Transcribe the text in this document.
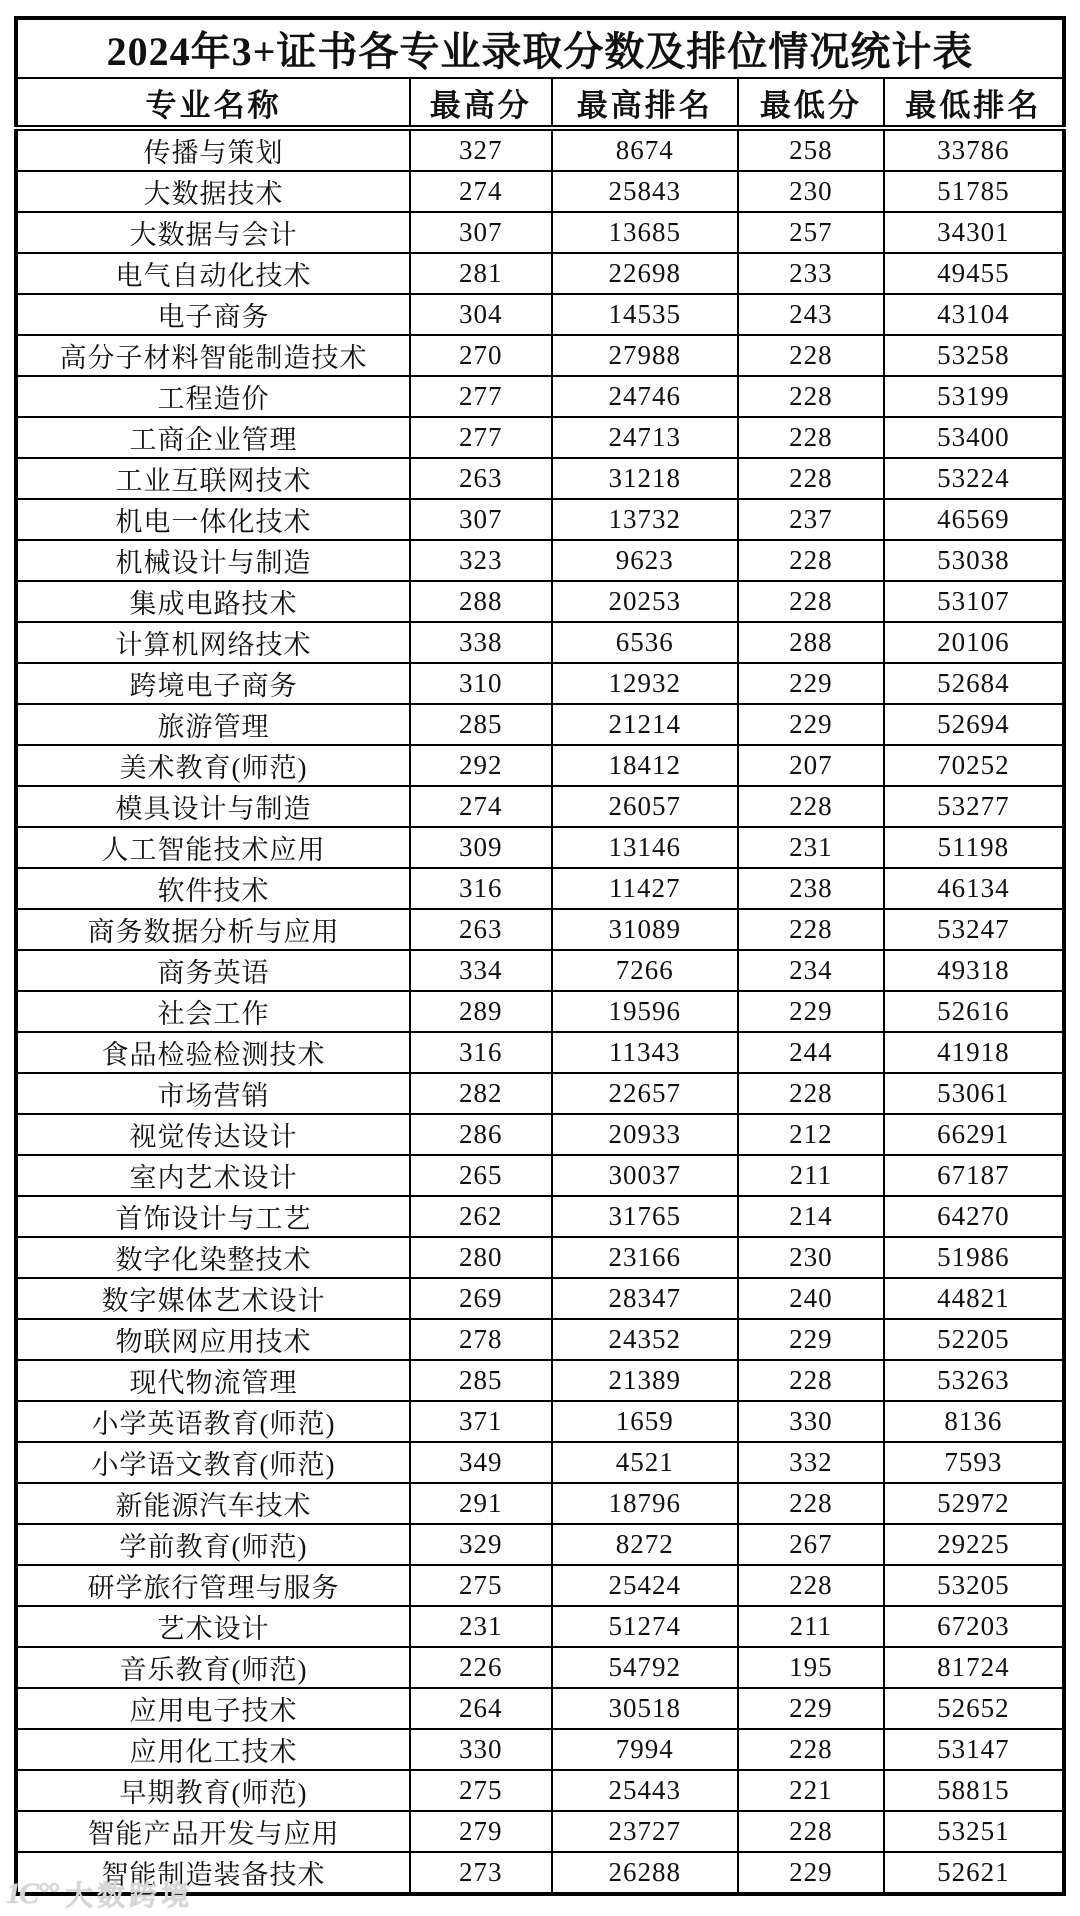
2024年3+证书各专业录取分数及排位情况统计表				
专业名称	最高分	最高排名	最低分	最低排名
传播与策划	327	8674	258	33786
大数据技术	274	25843	230	51785
大数据与会计	307	13685	257	34301
电气自动化技术	281	22698	233	49455
电子商务	304	14535	243	43104
高分子材料智能制造技术	270	27988	228	53258
工程造价	277	24746	228	53199
工商企业管理	277	24713	228	53400
工业互联网技术	263	31218	228	53224
机电一体化技术	307	13732	237	46569
机械设计与制造	323	9623	228	53038
集成电路技术	288	20253	228	53107
计算机网络技术	338	6536	288	20106
跨境电子商务	310	12932	229	52684
旅游管理	285	21214	229	52694
美术教育(师范)	292	18412	207	70252
模具设计与制造	274	26057	228	53277
人工智能技术应用	309	13146	231	51198
软件技术	316	11427	238	46134
商务数据分析与应用	263	31089	228	53247
商务英语	334	7266	234	49318
社会工作	289	19596	229	52616
食品检验检测技术	316	11343	244	41918
市场营销	282	22657	228	53061
视觉传达设计	286	20933	212	66291
室内艺术设计	265	30037	211	67187
首饰设计与工艺	262	31765	214	64270
数字化染整技术	280	23166	230	51986
数字媒体艺术设计	269	28347	240	44821
物联网应用技术	278	24352	229	52205
现代物流管理	285	21389	228	53263
小学英语教育(师范)	371	1659	330	8136
小学语文教育(师范)	349	4521	332	7593
新能源汽车技术	291	18796	228	52972
学前教育(师范)	329	8272	267	29225
研学旅行管理与服务	275	25424	228	53205
艺术设计	231	51274	211	67203
音乐教育(师范)	226	54792	195	81724
应用电子技术	264	30518	229	52652
应用化工技术	330	7994	228	53147
早期教育(师范)	275	25443	221	58815
智能产品开发与应用	279	23727	228	53251
智能制造装备技术	273	26288	229	52621
1C°° 大数跨境
